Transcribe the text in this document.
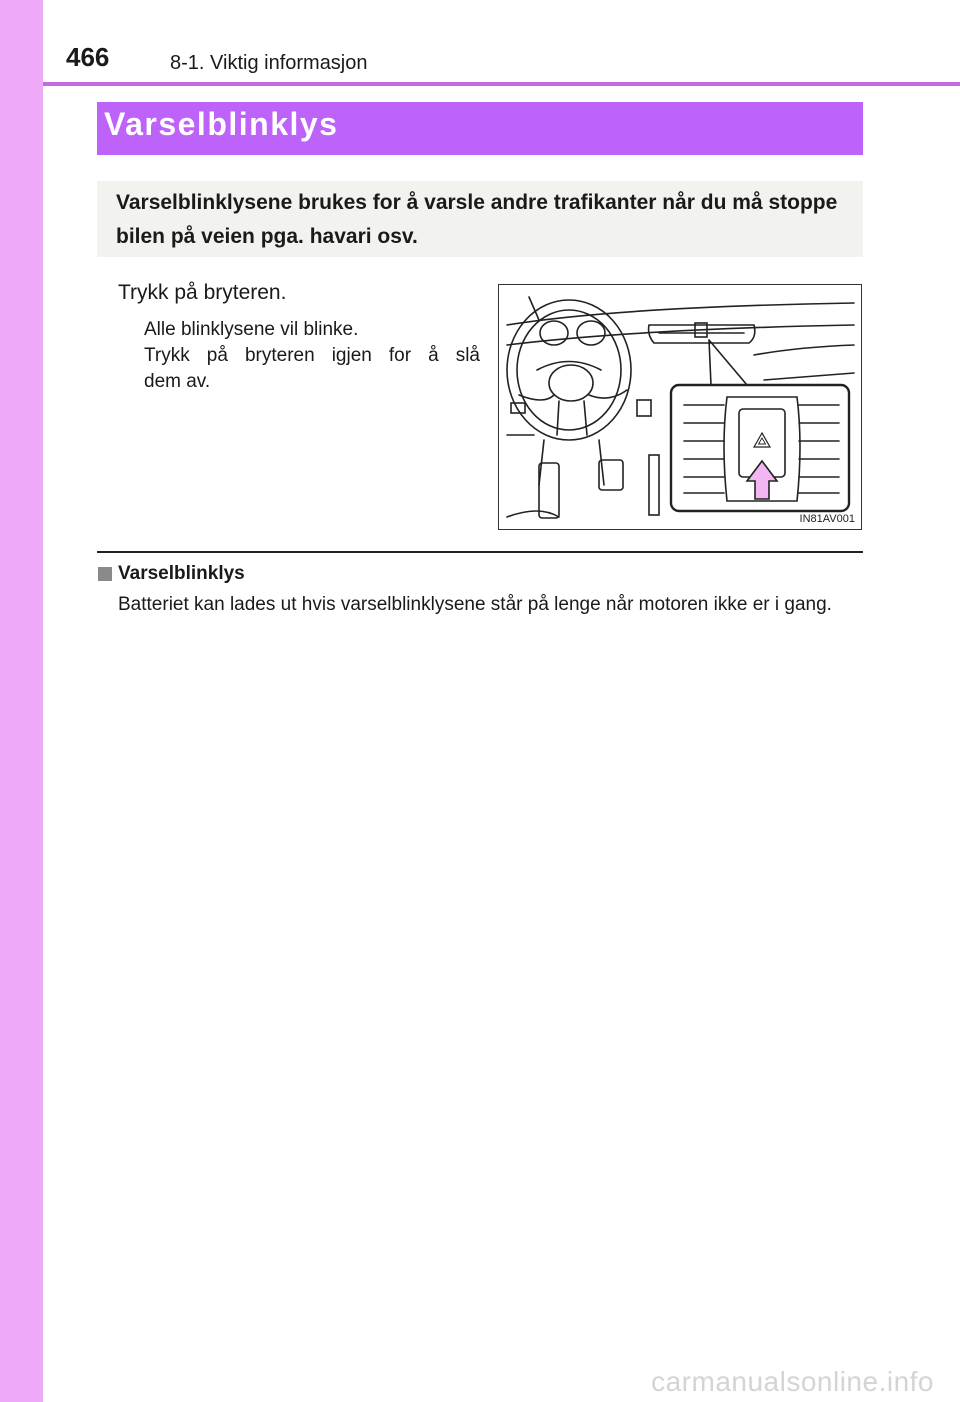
466	8-1. Viktig informasjon
Varselblinklys
Varselblinklysene brukes for å varsle andre trafikanter når du må stoppe bilen på veien pga. havari osv.
Trykk på bryteren.
Alle blinklysene vil blinke.
Trykk på bryteren igjen for å slå
dem av.
IN81AV001
Varselblinklys
Batteriet kan lades ut hvis varselblinklysene står på lenge når motoren ikke er i gang.
carmanualsonline.info
